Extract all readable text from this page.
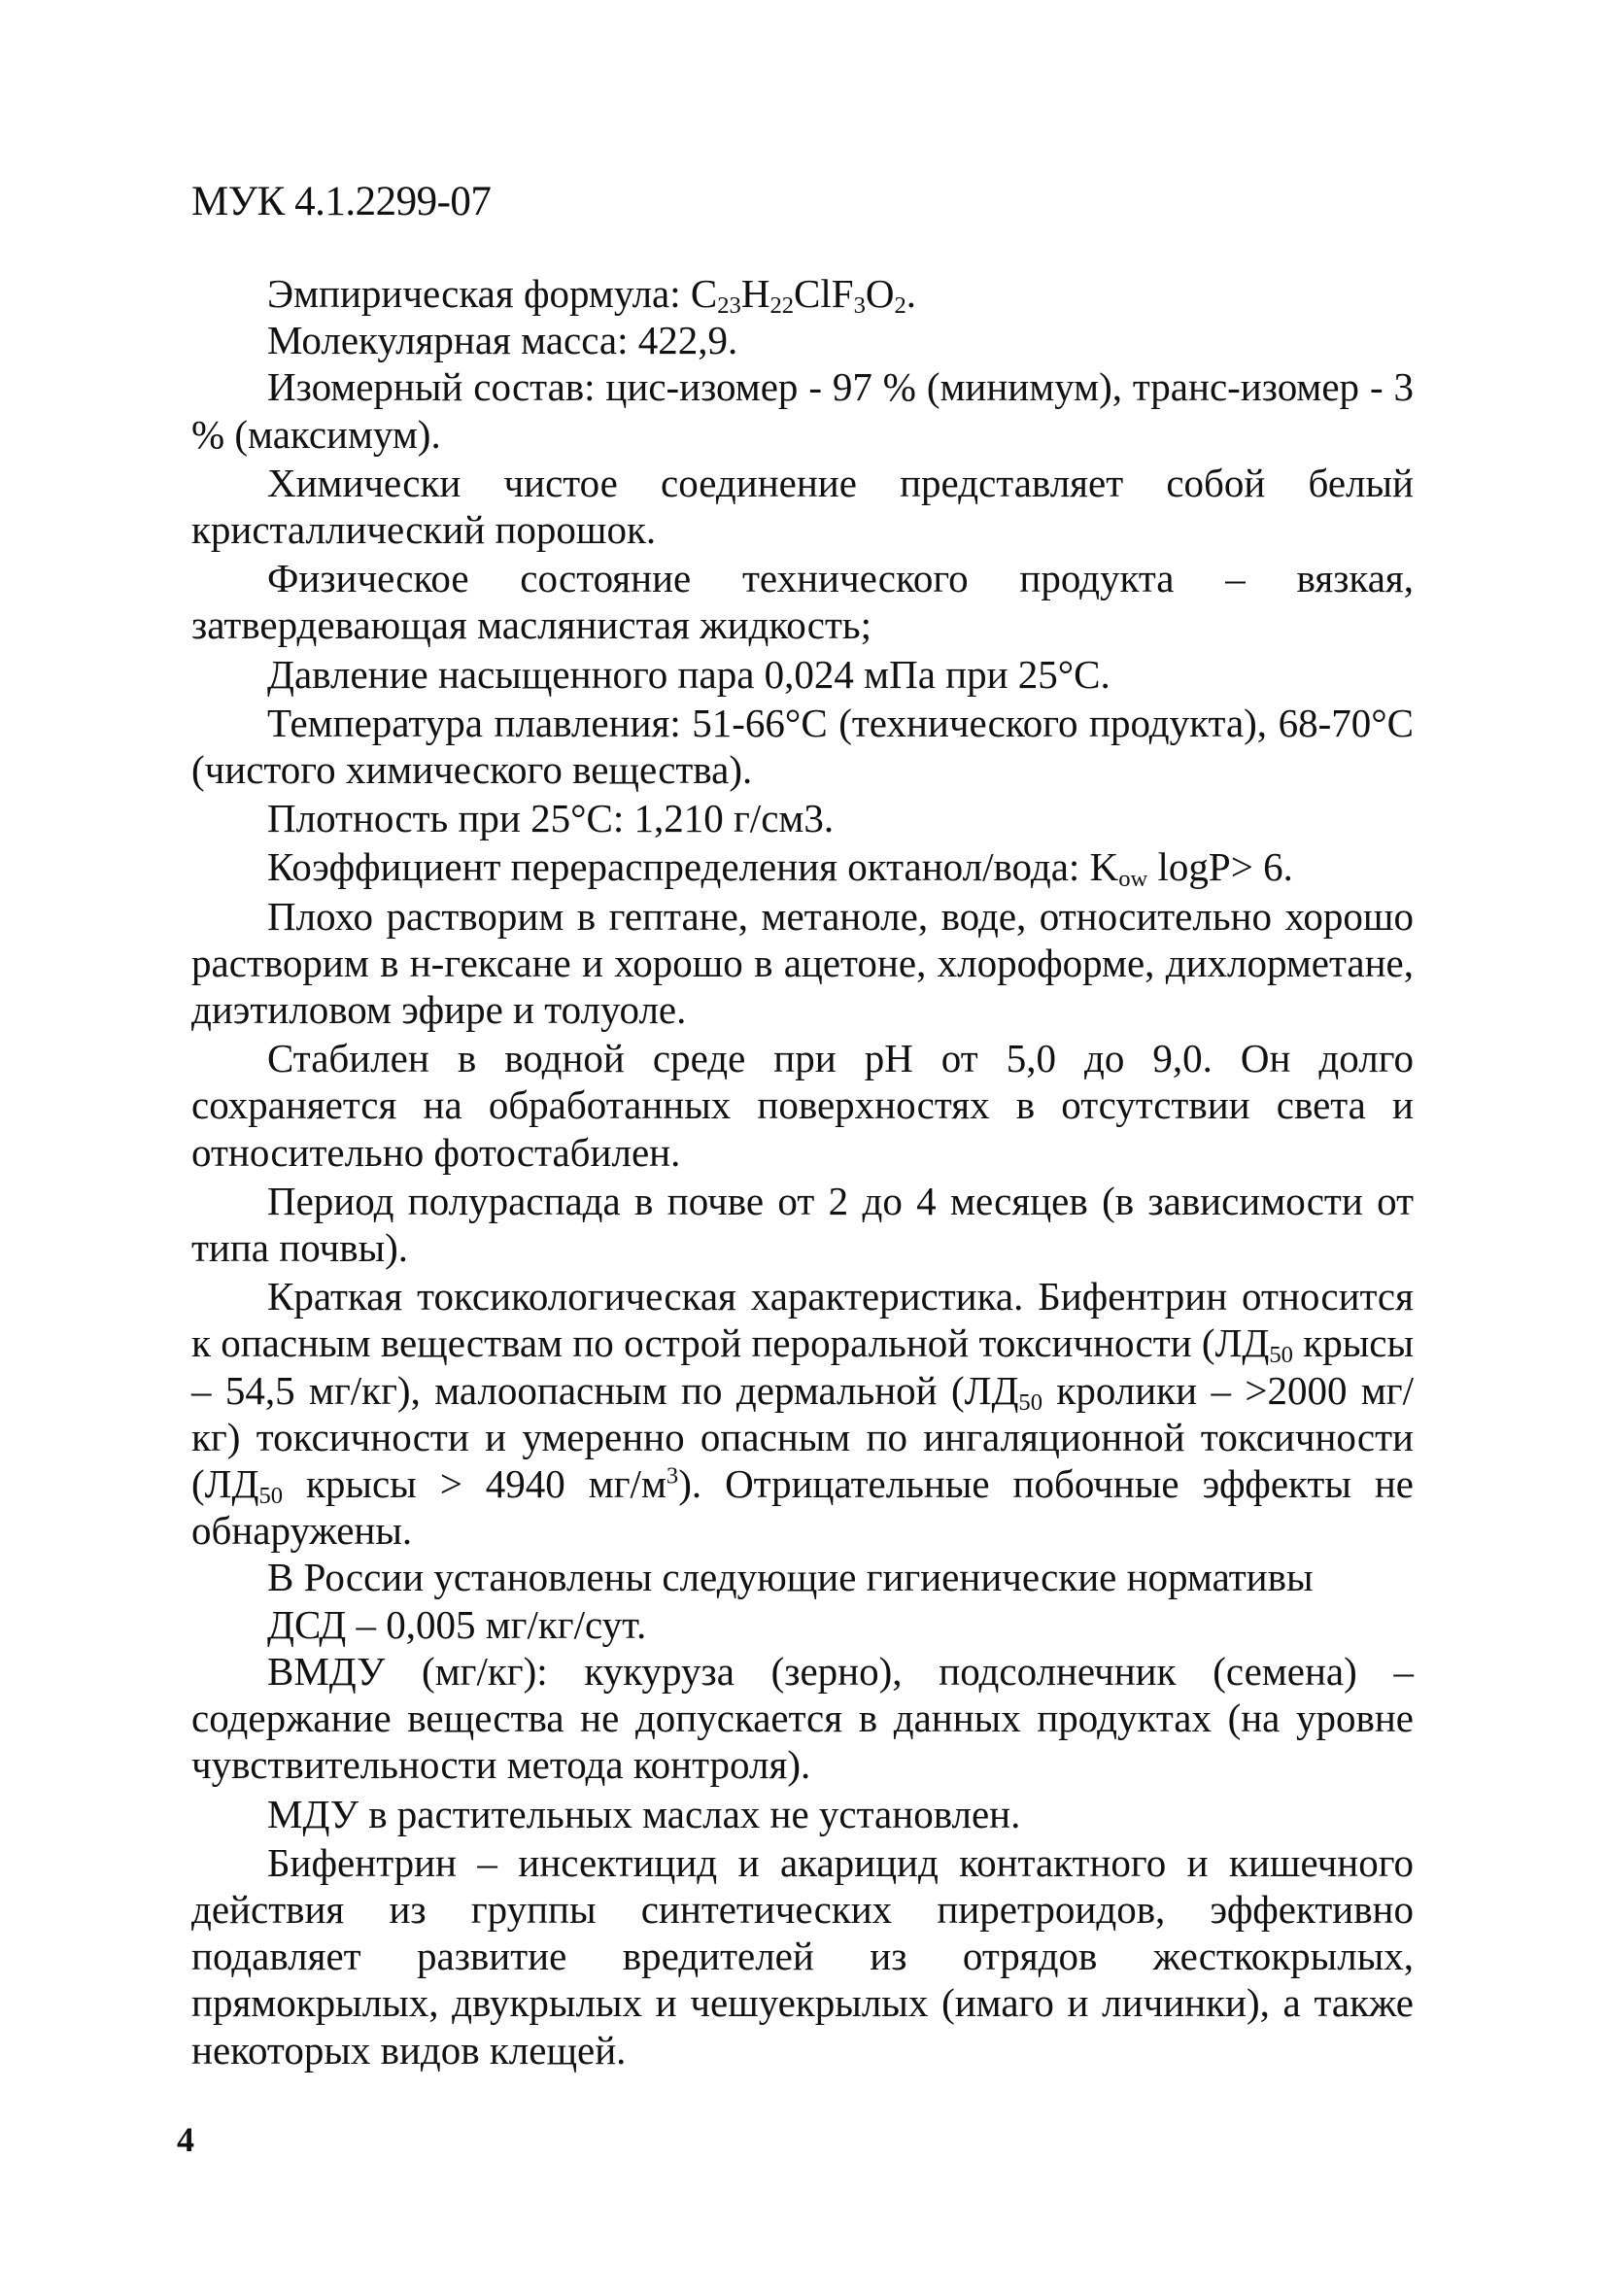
МУК 4.1.2299-07

Эмпирическая формула: $C_{23}H_{22}ClF_3O_2$.

Молекулярная масса: 422,9.

Изомерный состав: цис-изомер - 97 % (минимум), транс-изомер - 3 % (максимум).

Химически чистое соединение представляет собой белый кристаллический порошок.

Физическое состояние технического продукта – вязкая, затвердевающая маслянистая жидкость;

Давление насыщенного пара 0,024 мПа при 25°С.

Температура плавления: 51-66°С (технического продукта), 68-70°С (чистого химического вещества).

Плотность при 25°С: 1,210 г/см3.

Коэффициент перераспределения октанол/вода: $K_{ow}$ logP> 6.

Плохо растворим в гептане, метаноле, воде, относительно хорошо растворим в н-гексане и хорошо в ацетоне, хлороформе, дихлорметане, диэтиловом эфире и толуоле.

Стабилен в водной среде при рН от 5,0 до 9,0. Он долго сохраняется на обработанных поверхностях в отсутствии света и относительно фотостабилен.

Период полураспада в почве от 2 до 4 месяцев (в зависимости от типа почвы).

Краткая токсикологическая характеристика. Бифентрин относится к опасным веществам по острой пероральной токсичности ($ЛД_{50}$ крысы – 54,5 мг/кг), малоопасным по дермальной ($ЛД_{50}$ кролики – >2000 мг/кг) токсичности и умеренно опасным по ингаляционной токсичности ($ЛД_{50}$ крысы > 4940 $мг/м^3$). Отрицательные побочные эффекты не обнаружены.

В России установлены следующие гигиенические нормативы

ДСД – 0,005 мг/кг/сут.

ВМДУ (мг/кг): кукуруза (зерно), подсолнечник (семена) – содержание вещества не допускается в данных продуктах (на уровне чувствительности метода контроля).

МДУ в растительных маслах не установлен.

Бифентрин – инсектицид и акарицид контактного и кишечного действия из группы синтетических пиретроидов, эффективно подавляет развитие вредителей из отрядов жесткокрылых, прямокрылых, двукрылых и чешуекрылых (имаго и личинки), а также некоторых видов клещей.

4
